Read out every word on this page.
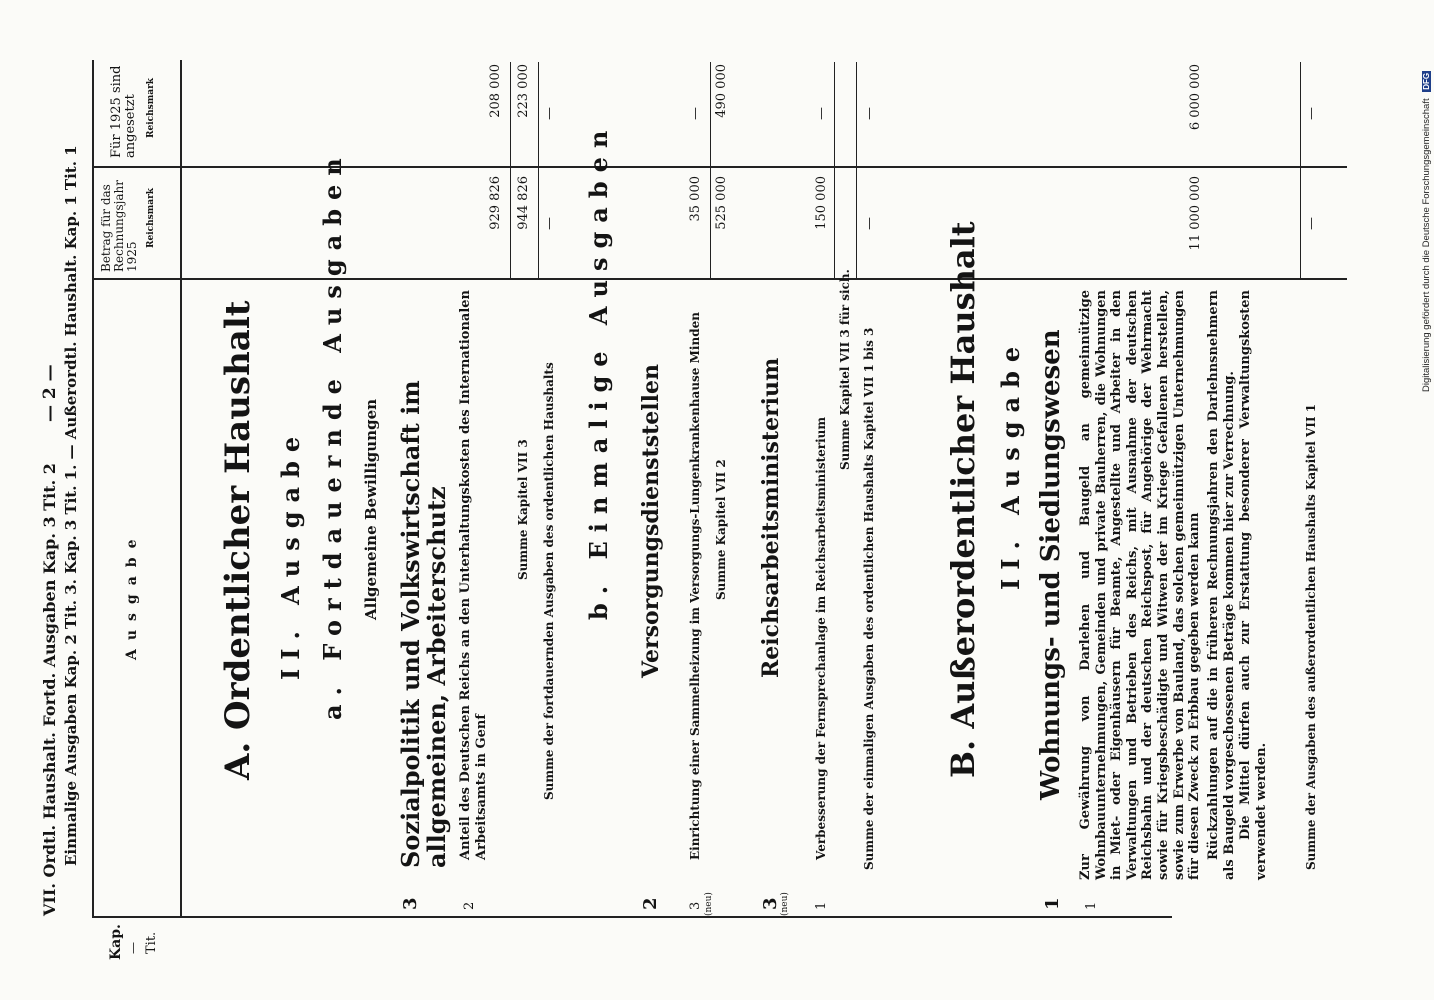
VII. Ordtl. Haushalt. Fortd. Ausgaben Kap. 3 Tit. 2 Einmalige Ausgaben Kap. 2 Tit. 3. Kap. 3 Tit. 1. — Außerordtl. Haushalt. Kap. 1 Tit. 1
— 2 —
Kap. — Tit.
Ausgabe
Betrag für das Rechnungsjahr 1925
Reichsmark
Für 1925 sind angesetzt Reichsmark
A. Ordentlicher Haushalt II. Ausgabe a. Fortdauernde Ausgaben Allgemeine Bewilligungen
3
Sozialpolitik und Volkswirtschaft im allgemeinen, Arbeiterschutz
2
Anteil des Deutschen Reichs an den Unterhaltungskosten des Internationalen Arbeitsamts in Genf
929 826
208 000
Summe Kapitel VII 3
944 826
223 000
Summe der fortdauernden Ausgaben des ordentlichen Haushalts
—
—
b. Einmalige Ausgaben
2
Versorgungsdienststellen
3 (neu)
Einrichtung einer Sammelheizung im Versorgungs-Lungenkrankenhause Minden
35 000
—
Summe Kapitel VII 2
525 000
490 000
3 (neu)
Reichsarbeitsministerium
1
Verbesserung der Fernsprechanlage im Reichsarbeitsministerium
150 000
—
Summe Kapitel VII 3 für sich. Summe der einmaligen Ausgaben des ordentlichen Haushalts Kapitel VII 1 bis 3
—
—
B. Außerordentlicher Haushalt II. Ausgabe
1
Wohnungs- und Siedlungswesen
1
Zur Gewährung von Darlehen und Baugeld an gemeinnützige Wohnbauunternehmungen, Gemeinden und private Bauherren, die Wohnungen in Miet- oder Eigenhäusern für Beamte, Angestellte und Arbeiter in den Verwaltungen und Betrieben des Reichs, mit Ausnahme der deutschen Reichsbahn und der deutschen Reichspost, für Angehörige der Wehrmacht sowie für Kriegsbeschädigte und Witwen der im Kriege Gefallenen herstellen, sowie zum Erwerbe von Bauland, das solchen gemeinnützigen Unternehmungen für diesen Zweck zu Erbbau gegeben werden kann Rückzahlungen auf die in früheren Rechnungsjahren den Darlehnsnehmern als Baugeld vorgeschossenen Beträge kommen hier zur Verrechnung. Die Mittel dürfen auch zur Erstattung besonderer Verwaltungskosten verwendet werden.
11 000 000
6 000 000
Summe der Ausgaben des außerordentlichen Haushalts Kapitel VII 1
—
—	Digitalisierung gefördert durch die Deutsche Forschungsgemeinschaft DFG
